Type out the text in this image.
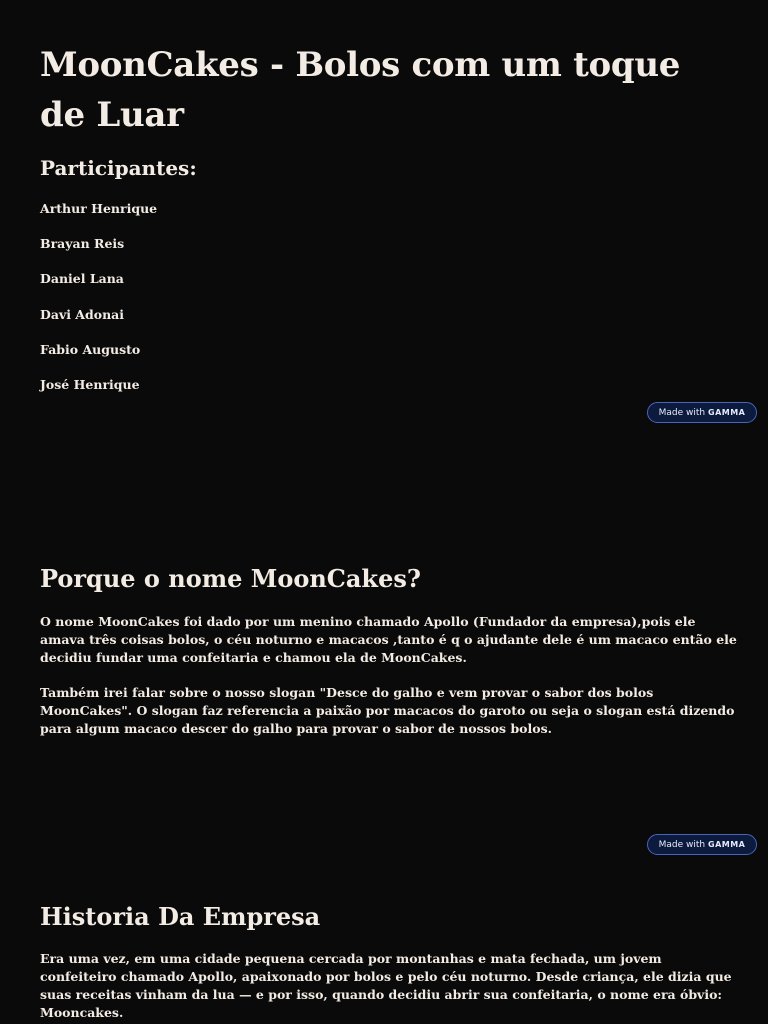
MoonCakes - Bolos com um toque de Luar
Participantes:
Arthur Henrique
Brayan Reis
Daniel Lana
Davi Adonai
Fabio Augusto
José Henrique
Made with GAMMA
Porque o nome MoonCakes?

O nome MoonCakes foi dado por um menino chamado Apollo (Fundador da empresa),pois ele amava três coisas bolos, o céu noturno e macacos ,tanto é q o ajudante dele é um macaco então ele decidiu fundar uma confeitaria e chamou ela de MoonCakes.

Também irei falar sobre o nosso slogan "Desce do galho e vem provar o sabor dos bolos MoonCakes". O slogan faz referencia a paixão por macacos do garoto ou seja o slogan está dizendo para algum macaco descer do galho para provar o sabor de nossos bolos.

Made with GAMMA
Historia Da Empresa

Era uma vez, em uma cidade pequena cercada por montanhas e mata fechada, um jovem confeiteiro chamado Apollo, apaixonado por bolos e pelo céu noturno. Desde criança, ele dizia que suas receitas vinham da lua — e por isso, quando decidiu abrir sua confeitaria, o nome era óbvio: Mooncakes.
